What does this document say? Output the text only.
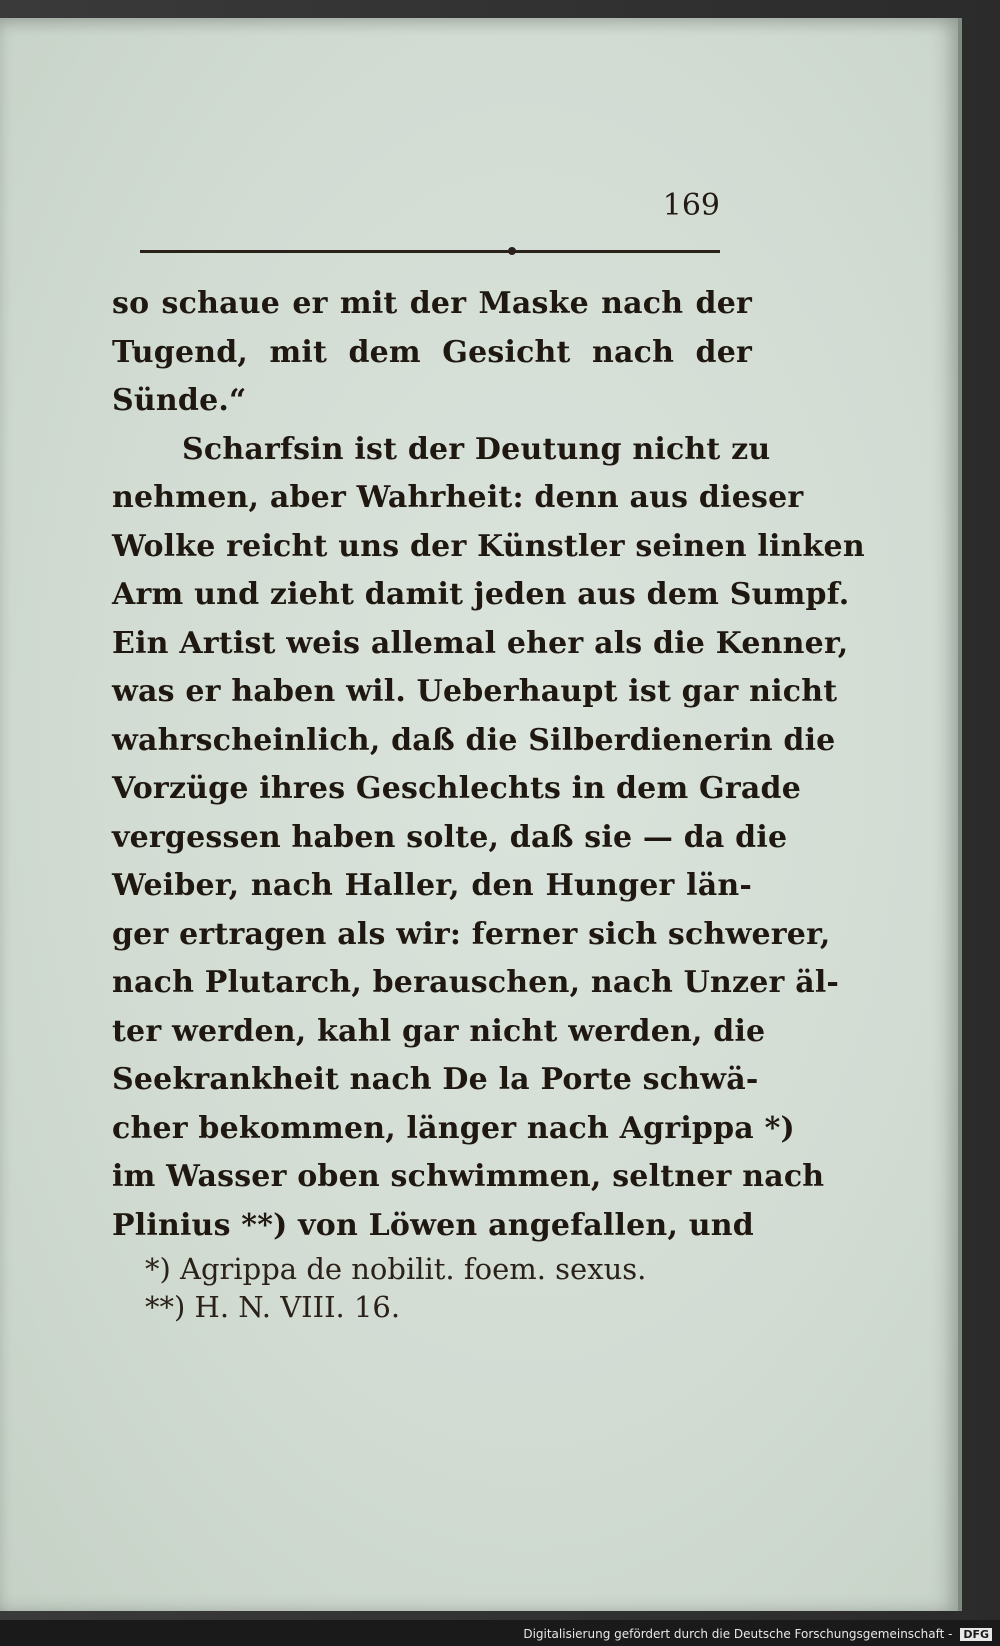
169
so schaue er mit der Maske nach der
Tugend, mit dem Gesicht nach der
Sünde.“
Scharfsin ist der Deutung nicht zu
nehmen, aber Wahrheit: denn aus dieser
Wolke reicht uns der Künstler seinen linken
Arm und zieht damit jeden aus dem Sumpf.
Ein Artist weis allemal eher als die Kenner,
was er haben wil. Ueberhaupt ist gar nicht
wahrscheinlich, daß die Silberdienerin die
Vorzüge ihres Geschlechts in dem Grade
vergessen haben solte, daß sie — da die
Weiber, nach Haller, den Hunger län-
ger ertragen als wir: ferner sich schwerer,
nach Plutarch, berauschen, nach Unzer äl-
ter werden, kahl gar nicht werden, die
Seekrankheit nach De la Porte schwä-
cher bekommen, länger nach Agrippa *)
im Wasser oben schwimmen, seltner nach
Plinius **) von Löwen angefallen, und
*) Agrippa de nobilit. foem. sexus.
**) H. N. VIII. 16.
Digitalisierung gefördert durch die Deutsche Forschungsgemeinschaft - DFG
